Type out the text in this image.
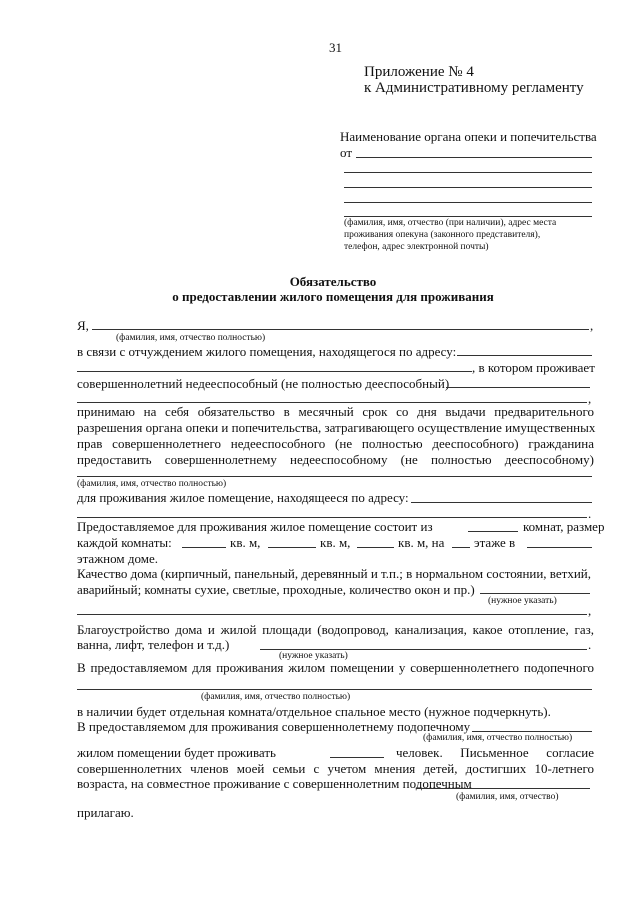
31
Приложение № 4
к Административному регламенту
Наименование органа опеки и попечительства
от
(фамилия, имя, отчество (при наличии), адрес места
проживания опекуна (законного представителя),
телефон, адрес электронной почты)
Обязательство
о предоставлении жилого помещения для проживания
Я,	,
(фамилия, имя, отчество полностью)
в связи с отчуждением жилого помещения, находящегося по адресу:
, в котором проживает
совершеннолетний недееспособный (не полностью дееспособный)
,
принимаю на себя обязательство в месячный срок со дня выдачи предварительного
разрешения органа опеки и попечительства, затрагивающего осуществление имущественных
прав совершеннолетнего недееспособного (не полностью дееспособного) гражданина
предоставить совершеннолетнему недееспособному (не полностью дееспособному)
(фамилия, имя, отчество полностью)
для проживания жилое помещение, находящееся по адресу:
.
Предоставляемое для проживания жилое помещение состоит из	комнат, размер
каждой комнаты:	кв. м,	кв. м,	кв. м, на этаже в
этажном доме.
Качество дома (кирпичный, панельный, деревянный и т.п.; в нормальном состоянии, ветхий,
аварийный; комнаты сухие, светлые, проходные, количество окон и пр.)
(нужное указать)
,
Благоустройство дома и жилой площади (водопровод, канализация, какое отопление, газ,
ванна, лифт, телефон и т.д.)	.
(нужное указать)
В предоставляемом для проживания жилом помещении у совершеннолетнего подопечного
(фамилия, имя, отчество полностью)
в наличии будет отдельная комната/отдельное спальное место (нужное подчеркнуть).
В предоставляемом для проживания совершеннолетнему подопечному
(фамилия, имя, отчество полностью)
жилом помещении будет проживать	человек. Письменное согласие
совершеннолетних членов моей семьи с учетом мнения детей, достигших 10-летнего
возраста, на совместное проживание с совершеннолетним подопечным
(фамилия, имя, отчество)
прилагаю.
